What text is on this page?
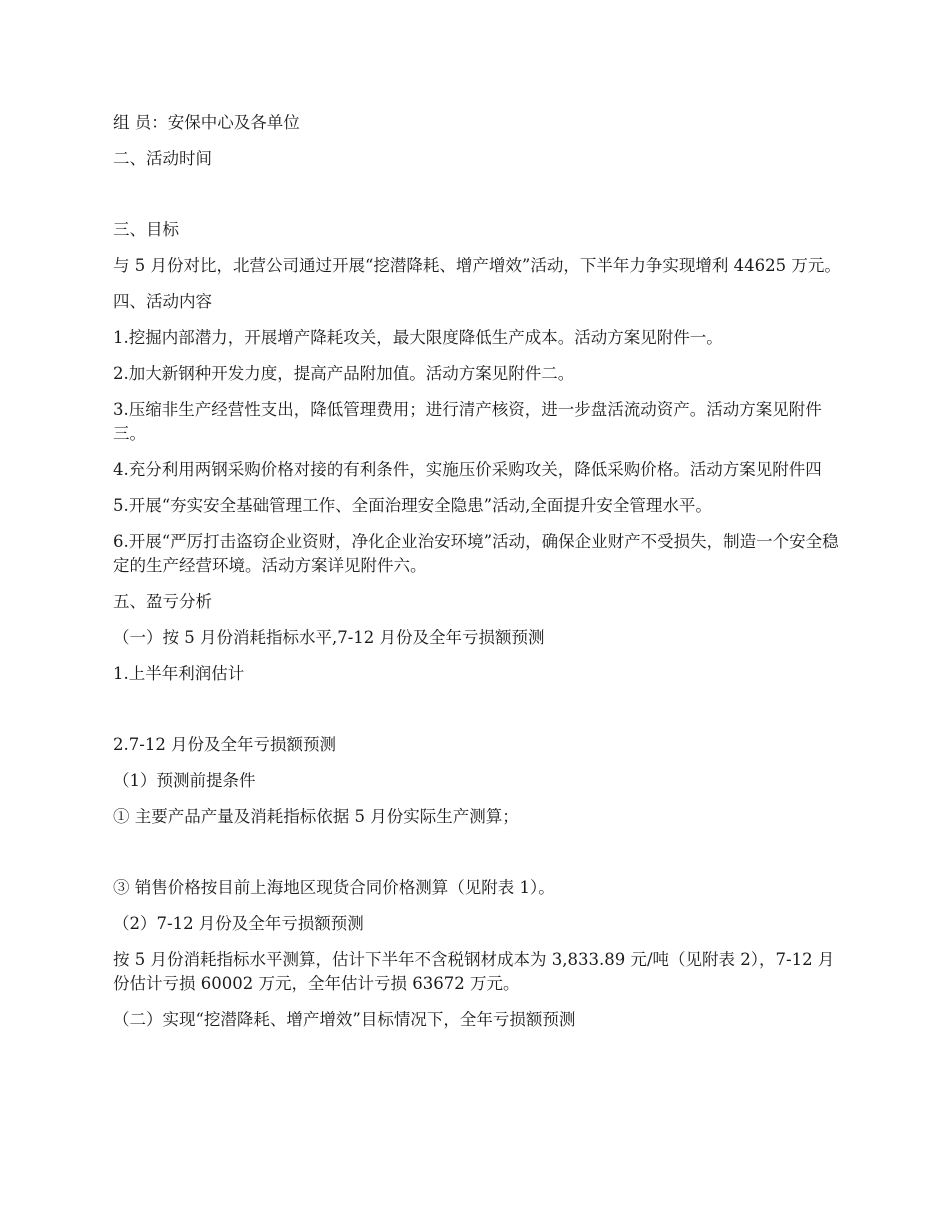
组 员：安保中心及各单位

二、活动时间

三、目标

与 5 月份对比，北营公司通过开展“挖潜降耗、增产增效”活动，下半年力争实现增利 44625 万元。

四、活动内容

1.挖掘内部潜力，开展增产降耗攻关，最大限度降低生产成本。活动方案见附件一。

2.加大新钢种开发力度，提高产品附加值。活动方案见附件二。

3.压缩非生产经营性支出，降低管理费用；进行清产核资，进一步盘活流动资产。活动方案见附件三。

4.充分利用两钢采购价格对接的有利条件，实施压价采购攻关，降低采购价格。活动方案见附件四

5.开展“夯实安全基础管理工作、全面治理安全隐患”活动,全面提升安全管理水平。

6.开展“严厉打击盗窃企业资财，净化企业治安环境”活动，确保企业财产不受损失，制造一个安全稳定的生产经营环境。活动方案详见附件六。

五、盈亏分析

（一）按 5 月份消耗指标水平,7-12 月份及全年亏损额预测

1.上半年利润估计

2.7-12 月份及全年亏损额预测

（1）预测前提条件

① 主要产品产量及消耗指标依据 5 月份实际生产测算；

③ 销售价格按目前上海地区现货合同价格测算（见附表 1）。

（2）7-12 月份及全年亏损额预测

按 5 月份消耗指标水平测算，估计下半年不含税钢材成本为 3,833.89 元/吨（见附表 2），7-12 月份估计亏损 60002 万元，全年估计亏损 63672 万元。

（二）实现“挖潜降耗、增产增效”目标情况下，全年亏损额预测
